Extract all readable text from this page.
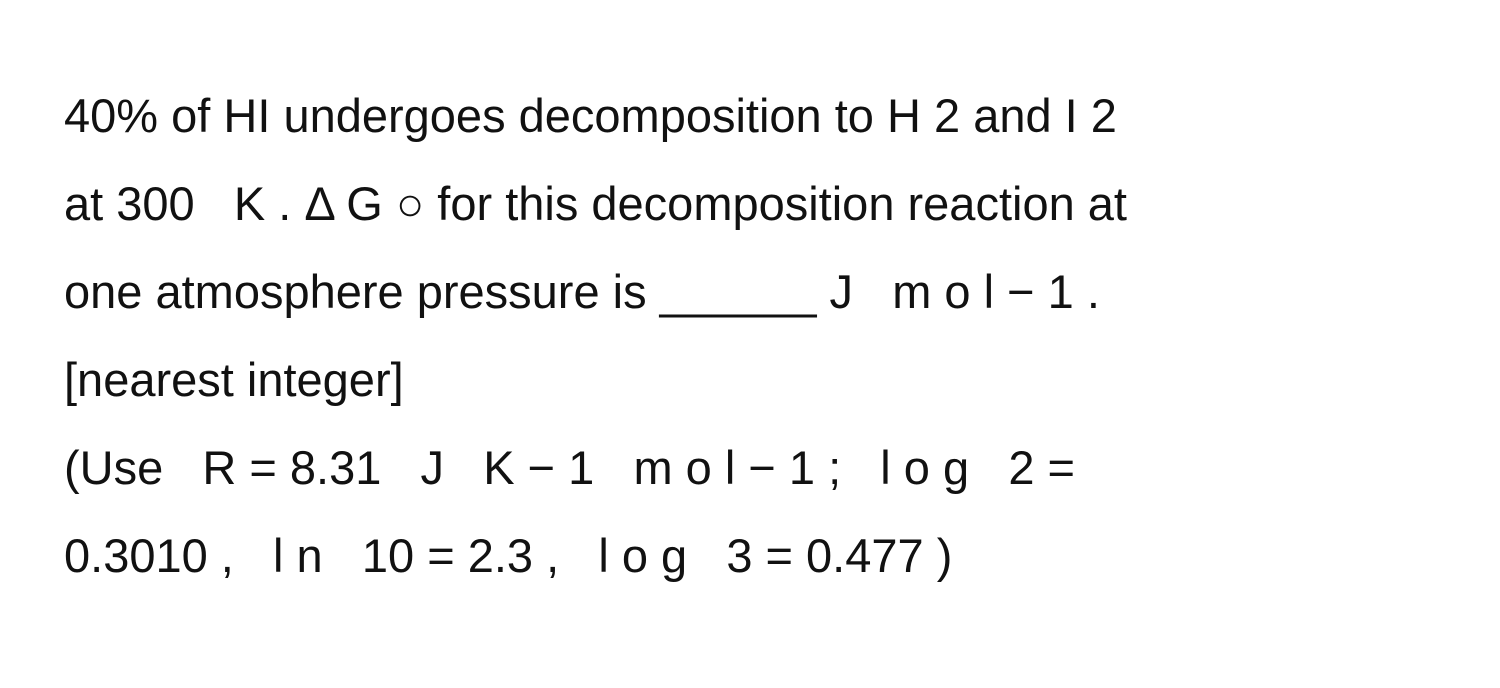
40% of HI undergoes decomposition to H 2 and I 2
at 300   K . Δ G ○ for this decomposition reaction at
one atmosphere pressure is ______ J   m o l − 1 .
[nearest integer]
(Use   R = 8.31   J   K − 1   m o l − 1 ;   l o g   2 =
0.3010 ,   l n   10 = 2.3 ,   l o g   3 = 0.477 )
